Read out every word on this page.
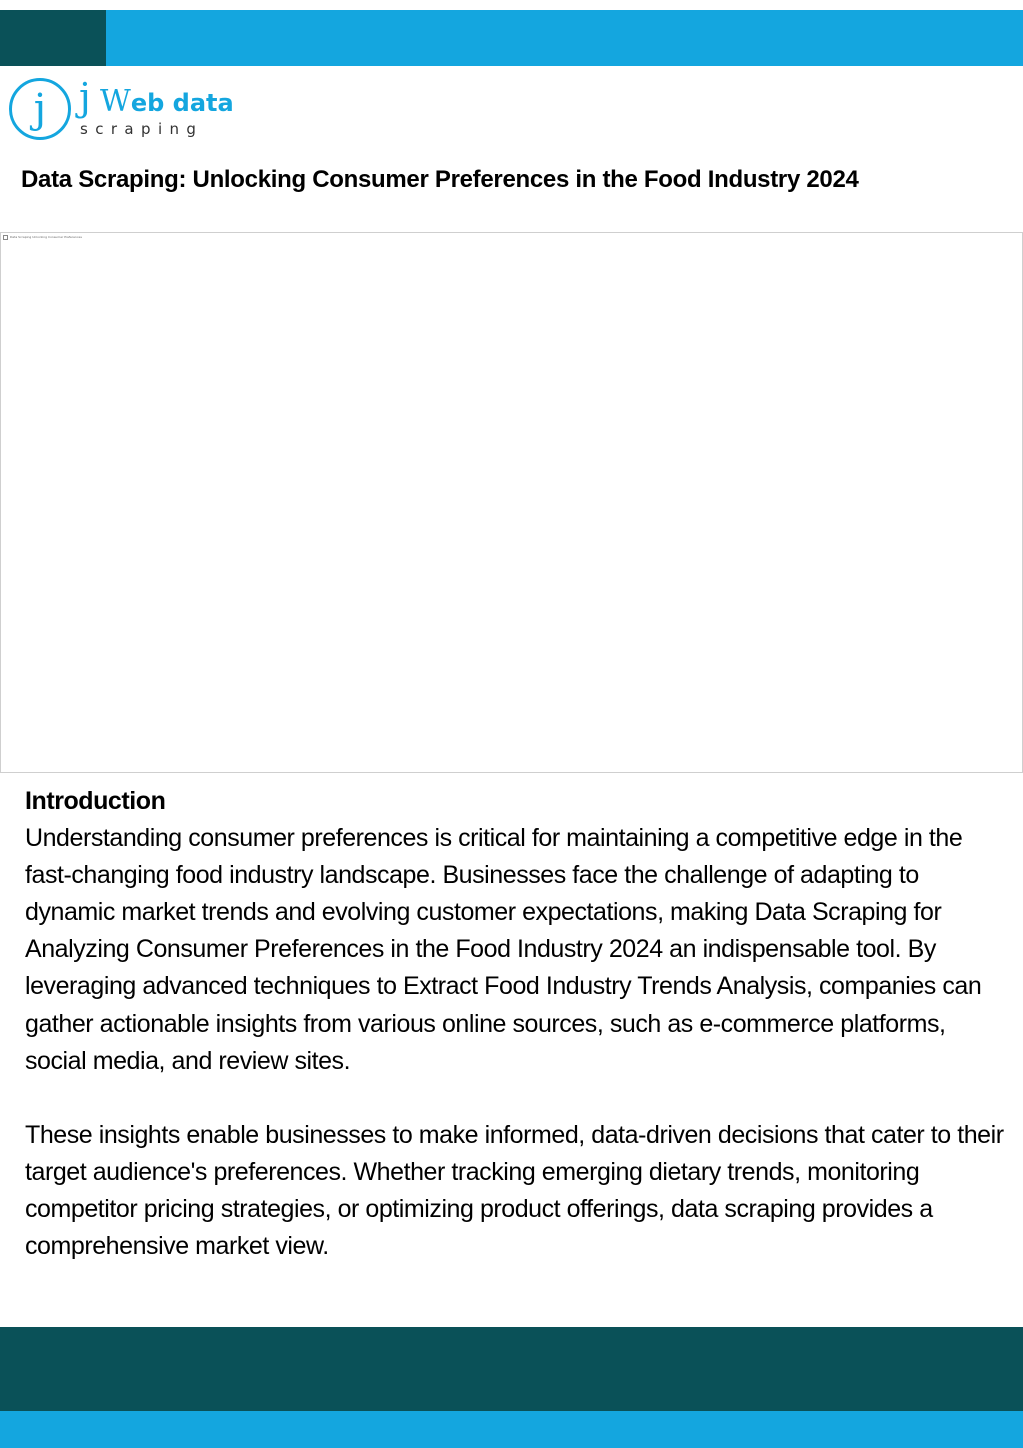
j j Web data
scraping
Data Scraping: Unlocking Consumer Preferences in the Food Industry 2024
Data Scraping Unlocking Consumer Preferences

Introduction

Understanding consumer preferences is critical for maintaining a competitive edge in the fast-changing food industry landscape. Businesses face the challenge of adapting to dynamic market trends and evolving customer expectations, making Data Scraping for Analyzing Consumer Preferences in the Food Industry 2024 an indispensable tool. By leveraging advanced techniques to Extract Food Industry Trends Analysis, companies can gather actionable insights from various online sources, such as e-commerce platforms, social media, and review sites.

These insights enable businesses to make informed, data-driven decisions that cater to their target audience's preferences. Whether tracking emerging dietary trends, monitoring competitor pricing strategies, or optimizing product offerings, data scraping provides a comprehensive market view.
